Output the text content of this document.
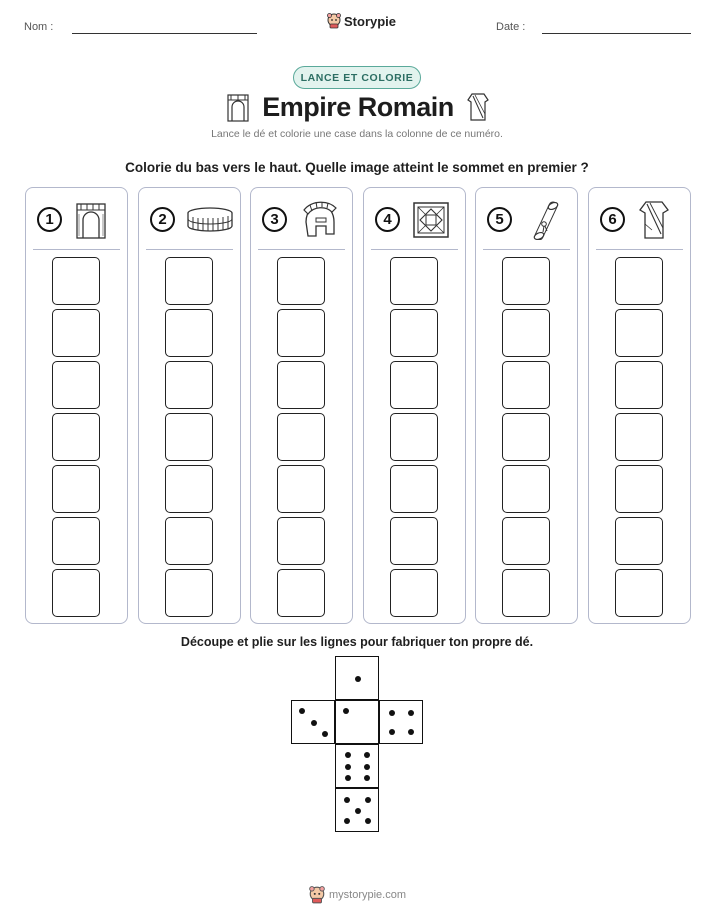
Nom :	Storypie	Date :
LANCE ET COLORIE
Empire Romain
Lance le dé et colorie une case dans la colonne de ce numéro.
Colorie du bas vers le haut. Quelle image atteint le sommet en premier ?
1	2	3	4	5	6
Découpe et plie sur les lignes pour fabriquer ton propre dé.
mystorypie.com
